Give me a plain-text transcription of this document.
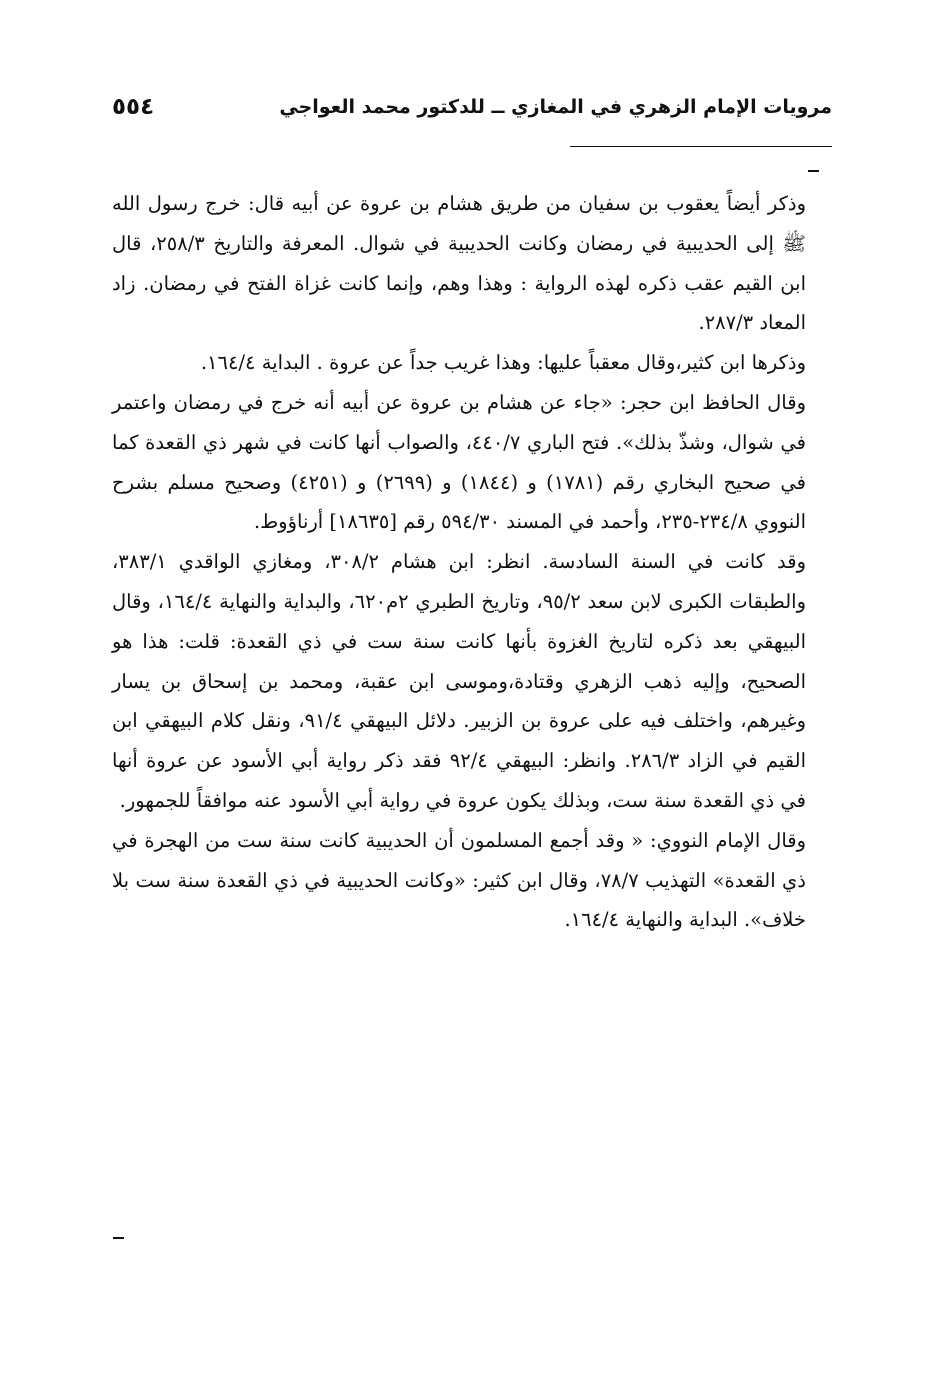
مرويات الإمام الزهري في المغازي ــ للدكتور محمد العواجي
٥٥٤

وذكر أيضاً يعقوب بن سفيان من طريق هشام بن عروة عن أبيه قال: خرج رسول الله ﷺ إلى الحديبية في رمضان وكانت الحديبية في شوال. المعرفة والتاريخ ٢٥٨/٣، قال ابن القيم عقب ذكره لهذه الرواية : وهذا وهم، وإنما كانت غزاة الفتح في رمضان. زاد المعاد ٢٨٧/٣.

وذكرها ابن كثير،وقال معقباً عليها: وهذا غريب جداً عن عروة . البداية ١٦٤/٤.

وقال الحافظ ابن حجر: «جاء عن هشام بن عروة عن أبيه أنه خرج في رمضان واعتمر في شوال، وشذّ بذلك». فتح الباري ٤٤٠/٧، والصواب أنها كانت في شهر ذي القعدة كما في صحيح البخاري رقم (١٧٨١) و (١٨٤٤) و (٢٦٩٩) و (٤٢٥١) وصحيح مسلم بشرح النووي ٢٣٤/٨-٢٣٥، وأحمد في المسند ٥٩٤/٣٠ رقم [١٨٦٣٥] أرناؤوط.

وقد كانت في السنة السادسة. انظر: ابن هشام ٣٠٨/٢، ومغازي الواقدي ٣٨٣/١، والطبقات الكبرى لابن سعد ٩٥/٢، وتاريخ الطبري ٢م٦٢٠، والبداية والنهاية ١٦٤/٤، وقال البيهقي بعد ذكره لتاريخ الغزوة بأنها كانت سنة ست في ذي القعدة: قلت: هذا هو الصحيح، وإليه ذهب الزهري وقتادة،وموسى ابن عقبة، ومحمد بن إسحاق بن يسار وغيرهم، واختلف فيه على عروة بن الزبير. دلائل البيهقي ٩١/٤، ونقل كلام البيهقي ابن القيم في الزاد ٢٨٦/٣. وانظر: البيهقي ٩٢/٤ فقد ذكر رواية أبي الأسود عن عروة أنها في ذي القعدة سنة ست، وبذلك يكون عروة في رواية أبي الأسود عنه موافقاً للجمهور.

وقال الإمام النووي: « وقد أجمع المسلمون أن الحديبية كانت سنة ست من الهجرة في ذي القعدة» التهذيب ٧٨/٧، وقال ابن كثير: «وكانت الحديبية في ذي القعدة سنة ست بلا خلاف». البداية والنهاية ١٦٤/٤.
